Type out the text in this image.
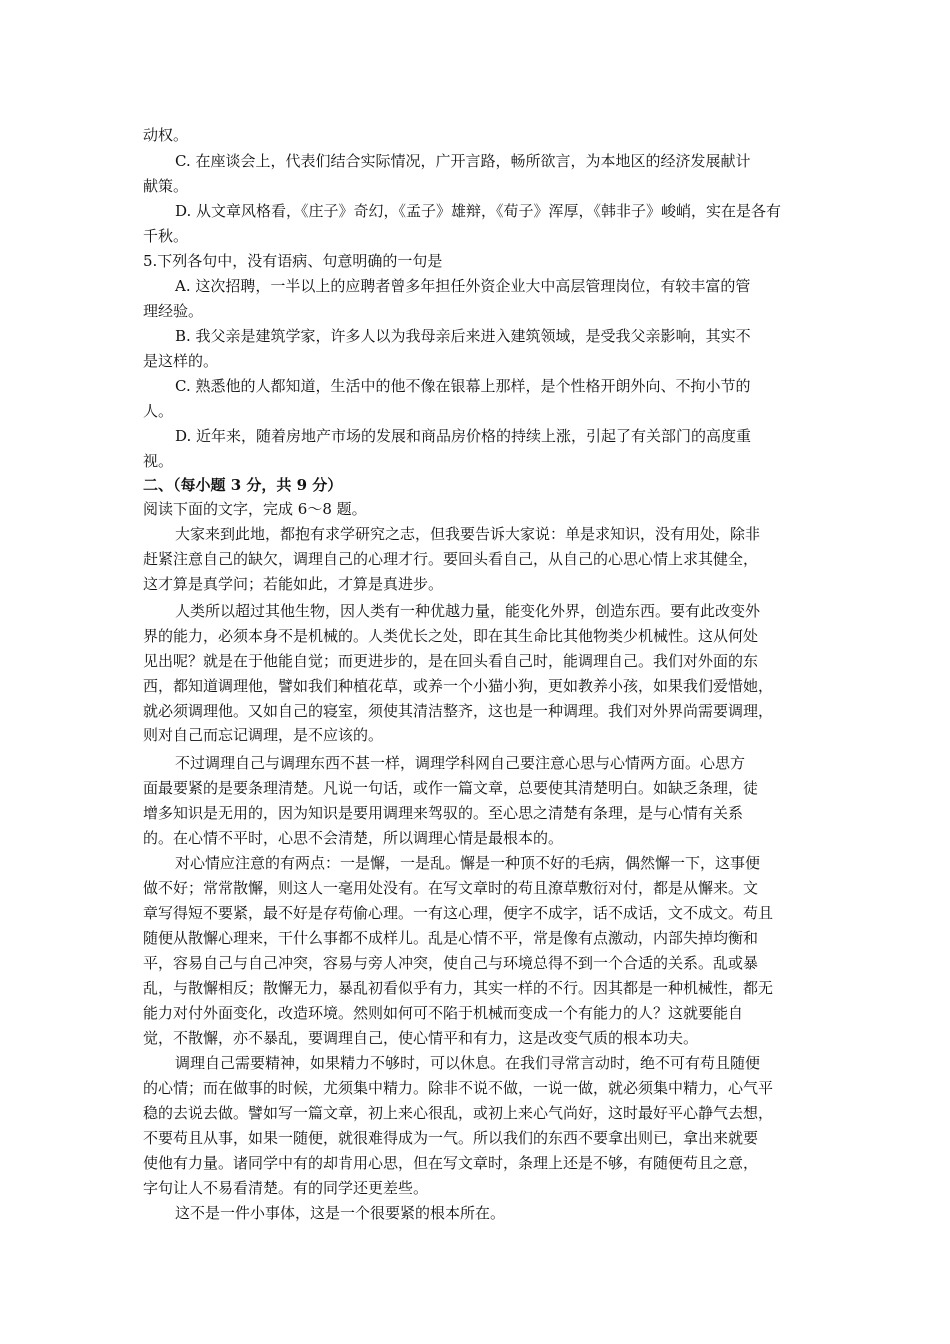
动权。
C. 在座谈会上，代表们结合实际情况，广开言路，畅所欲言，为本地区的经济发展献计
献策。
D. 从文章风格看，《庄子》奇幻，《孟子》雄辩，《荀子》浑厚，《韩非子》峻峭，实在是各有
千秋。
5.下列各句中，没有语病、句意明确的一句是
A. 这次招聘，一半以上的应聘者曾多年担任外资企业大中高层管理岗位，有较丰富的管
理经验。
B. 我父亲是建筑学家，许多人以为我母亲后来进入建筑领域，是受我父亲影响，其实不
是这样的。
C. 熟悉他的人都知道，生活中的他不像在银幕上那样，是个性格开朗外向、不拘小节的
人。
D. 近年来，随着房地产市场的发展和商品房价格的持续上涨，引起了有关部门的高度重
视。
二、（每小题 3 分，共 9 分）
阅读下面的文字，完成 6～8 题。
大家来到此地，都抱有求学研究之志，但我要告诉大家说：单是求知识，没有用处，除非
赶紧注意自己的缺欠，调理自己的心理才行。要回头看自己，从自己的心思心情上求其健全，
这才算是真学问；若能如此，才算是真进步。
人类所以超过其他生物，因人类有一种优越力量，能变化外界，创造东西。要有此改变外
界的能力，必须本身不是机械的。人类优长之处，即在其生命比其他物类少机械性。这从何处
见出呢？就是在于他能自觉；而更进步的，是在回头看自己时，能调理自己。我们对外面的东
西，都知道调理他，譬如我们种植花草，或养一个小猫小狗，更如教养小孩，如果我们爱惜她，
就必须调理他。又如自己的寝室，须使其清洁整齐，这也是一种调理。我们对外界尚需要调理，
则对自己而忘记调理，是不应该的。
不过调理自己与调理东西不甚一样，调理学科网自己要注意心思与心情两方面。心思方
面最要紧的是要条理清楚。凡说一句话，或作一篇文章，总要使其清楚明白。如缺乏条理，徒
增多知识是无用的，因为知识是要用调理来驾驭的。至心思之清楚有条理，是与心情有关系
的。在心情不平时，心思不会清楚，所以调理心情是最根本的。
对心情应注意的有两点：一是懈，一是乱。懈是一种顶不好的毛病，偶然懈一下，这事便
做不好；常常散懈，则这人一毫用处没有。在写文章时的苟且潦草敷衍对付，都是从懈来。文
章写得短不要紧，最不好是存苟偷心理。一有这心理，便字不成字，话不成话，文不成文。苟且
随便从散懈心理来，干什么事都不成样儿。乱是心情不平，常是像有点激动，内部失掉均衡和
平，容易自己与自己冲突，容易与旁人冲突，使自己与环境总得不到一个合适的关系。乱或暴
乱，与散懈相反；散懈无力，暴乱初看似乎有力，其实一样的不行。因其都是一种机械性，都无
能力对付外面变化，改造环境。然则如何可不陷于机械而变成一个有能力的人？这就要能自
觉，不散懈，亦不暴乱，要调理自己，使心情平和有力，这是改变气质的根本功夫。
调理自己需要精神，如果精力不够时，可以休息。在我们寻常言动时，绝不可有苟且随便
的心情；而在做事的时候，尤须集中精力。除非不说不做，一说一做，就必须集中精力，心气平
稳的去说去做。譬如写一篇文章，初上来心很乱，或初上来心气尚好，这时最好平心静气去想，
不要苟且从事，如果一随便，就很难得成为一气。所以我们的东西不要拿出则已，拿出来就要
使他有力量。诸同学中有的却肯用心思，但在写文章时，条理上还是不够，有随便苟且之意，
字句让人不易看清楚。有的同学还更差些。
这不是一件小事体，这是一个很要紧的根本所在。
